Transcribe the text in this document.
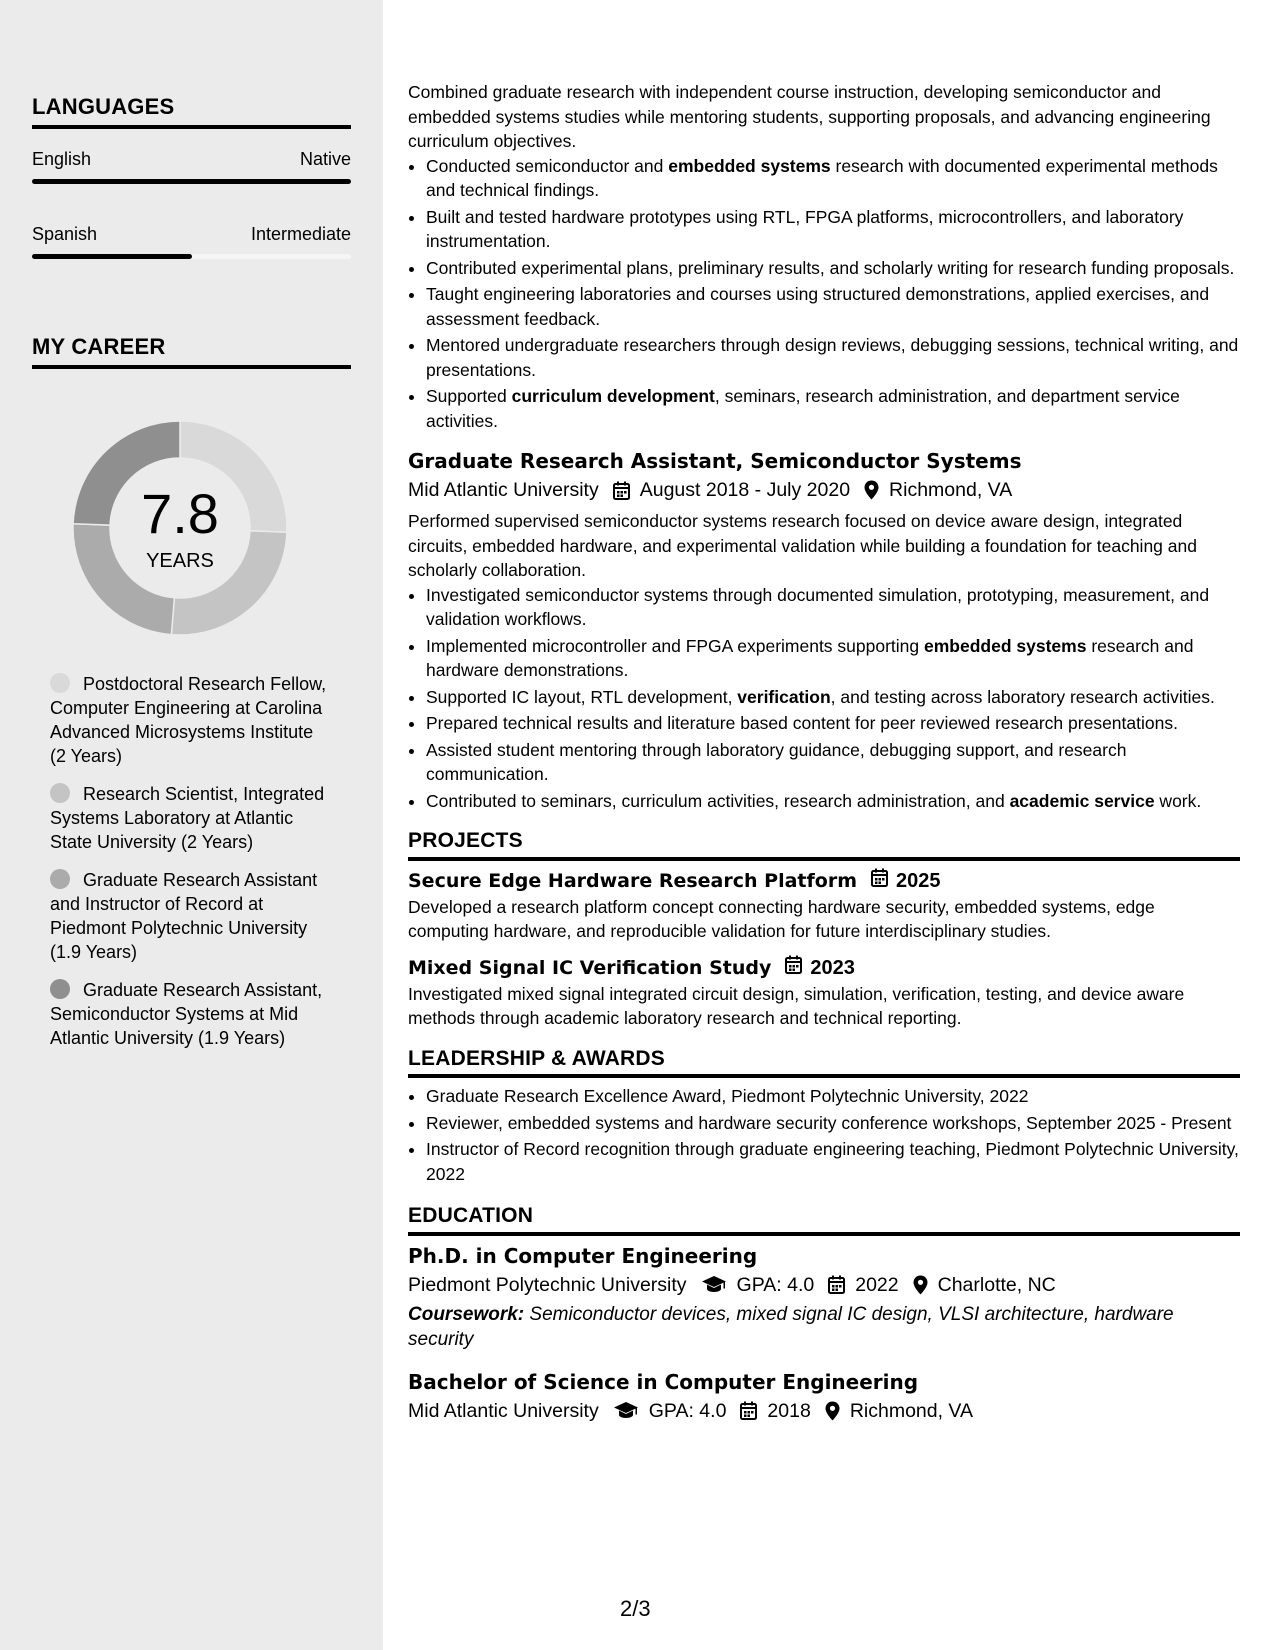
LANGUAGES
English	Native
Spanish	Intermediate
MY CAREER
7.8
YEARS
Postdoctoral Research Fellow, Computer Engineering at Carolina Advanced Microsystems Institute (2 Years)
Research Scientist, Integrated Systems Laboratory at Atlantic State University (2 Years)
Graduate Research Assistant and Instructor of Record at Piedmont Polytechnic University (1.9 Years)
Graduate Research Assistant, Semiconductor Systems at Mid Atlantic University (1.9 Years)

Combined graduate research with independent course instruction, developing semiconductor and embedded systems studies while mentoring students, supporting proposals, and advancing engineering curriculum objectives.

• Conducted semiconductor and embedded systems research with documented experimental methods and technical findings.
• Built and tested hardware prototypes using RTL, FPGA platforms, microcontrollers, and laboratory instrumentation.
• Contributed experimental plans, preliminary results, and scholarly writing for research funding proposals.
• Taught engineering laboratories and courses using structured demonstrations, applied exercises, and assessment feedback.
• Mentored undergraduate researchers through design reviews, debugging sessions, technical writing, and presentations.
• Supported curriculum development, seminars, research administration, and department service activities.
Graduate Research Assistant, Semiconductor Systems
Mid Atlantic University August 2018 - July 2020 Richmond, VA

Performed supervised semiconductor systems research focused on device aware design, integrated circuits, embedded hardware, and experimental validation while building a foundation for teaching and scholarly collaboration.

• Investigated semiconductor systems through documented simulation, prototyping, measurement, and validation workflows.
• Implemented microcontroller and FPGA experiments supporting embedded systems research and hardware demonstrations.
• Supported IC layout, RTL development, verification, and testing across laboratory research activities.
• Prepared technical results and literature based content for peer reviewed research presentations.
• Assisted student mentoring through laboratory guidance, debugging support, and research communication.
• Contributed to seminars, curriculum activities, research administration, and academic service work.
PROJECTS
Secure Edge Hardware Research Platform 2025

Developed a research platform concept connecting hardware security, embedded systems, edge computing hardware, and reproducible validation for future interdisciplinary studies.

Mixed Signal IC Verification Study 2023

Investigated mixed signal integrated circuit design, simulation, verification, testing, and device aware methods through academic laboratory research and technical reporting.

LEADERSHIP & AWARDS
• Graduate Research Excellence Award, Piedmont Polytechnic University, 2022
• Reviewer, embedded systems and hardware security conference workshops, September 2025 - Present
• Instructor of Record recognition through graduate engineering teaching, Piedmont Polytechnic University, 2022
EDUCATION
Ph.D. in Computer Engineering
Piedmont Polytechnic University	GPA: 4.0 2022 Charlotte, NC
Coursework: Semiconductor devices, mixed signal IC design, VLSI architecture, hardware security
Bachelor of Science in Computer Engineering
Mid Atlantic University	GPA: 4.0 2018 Richmond, VA
2/3
